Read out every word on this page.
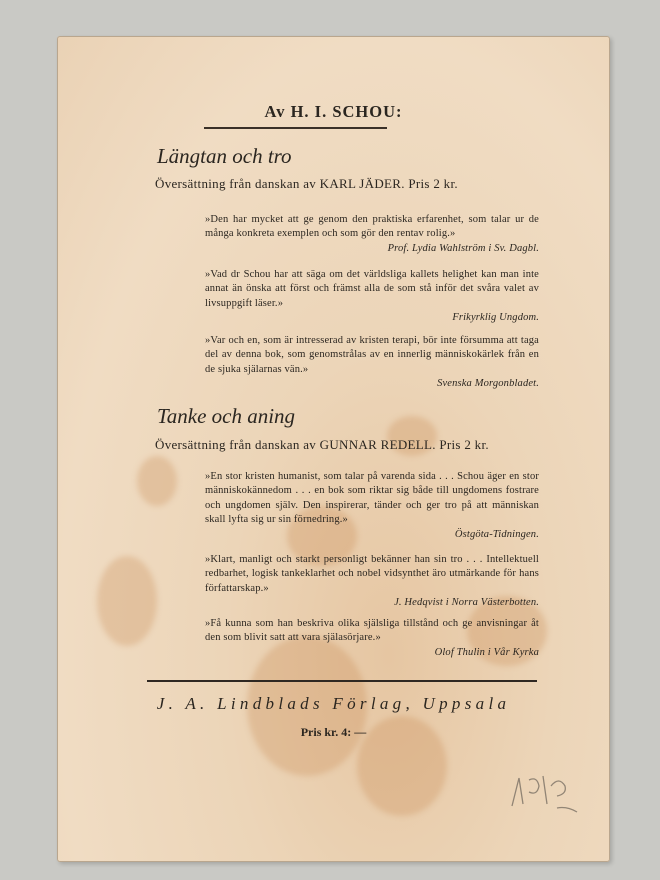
Av H. I. SCHOU:
Längtan och tro
Översättning från danskan av KARL JÄDER. Pris 2 kr.
»Den har mycket att ge genom den praktiska erfarenhet, som talar ur de många konkreta exemplen och som gör den rentav rolig.»
Prof. Lydia Wahlström i Sv. Dagbl.
»Vad dr Schou har att säga om det världsliga kallets helighet kan man inte annat än önska att först och främst alla de som stå inför det svåra valet av livsuppgift läser.»
Frikyrklig Ungdom.
»Var och en, som är intresserad av kristen terapi, bör inte försumma att taga del av denna bok, som genomstrålas av en innerlig människokärlek från en de sjuka själarnas vän.»
Svenska Morgonbladet.
Tanke och aning
Översättning från danskan av GUNNAR REDELL. Pris 2 kr.
»En stor kristen humanist, som talar på varenda sida . . . Schou äger en stor människokännedom . . . en bok som riktar sig både till ungdomens fostrare och ungdomen själv. Den inspirerar, tänder och ger tro på att människan skall lyfta sig ur sin förnedring.»
Östgöta-Tidningen.
»Klart, manligt och starkt personligt bekänner han sin tro . . . Intellektuell redbarhet, logisk tankeklarhet och nobel vidsynthet äro utmärkande för hans författarskap.»
J. Hedqvist i Norra Västerbotten.
»Få kunna som han beskriva olika själsliga tillstånd och ge anvisningar åt den som blivit satt att vara själasörjare.»
Olof Thulin i Vår Kyrka
J. A. Lindblads Förlag, Uppsala
Pris kr. 4: —
